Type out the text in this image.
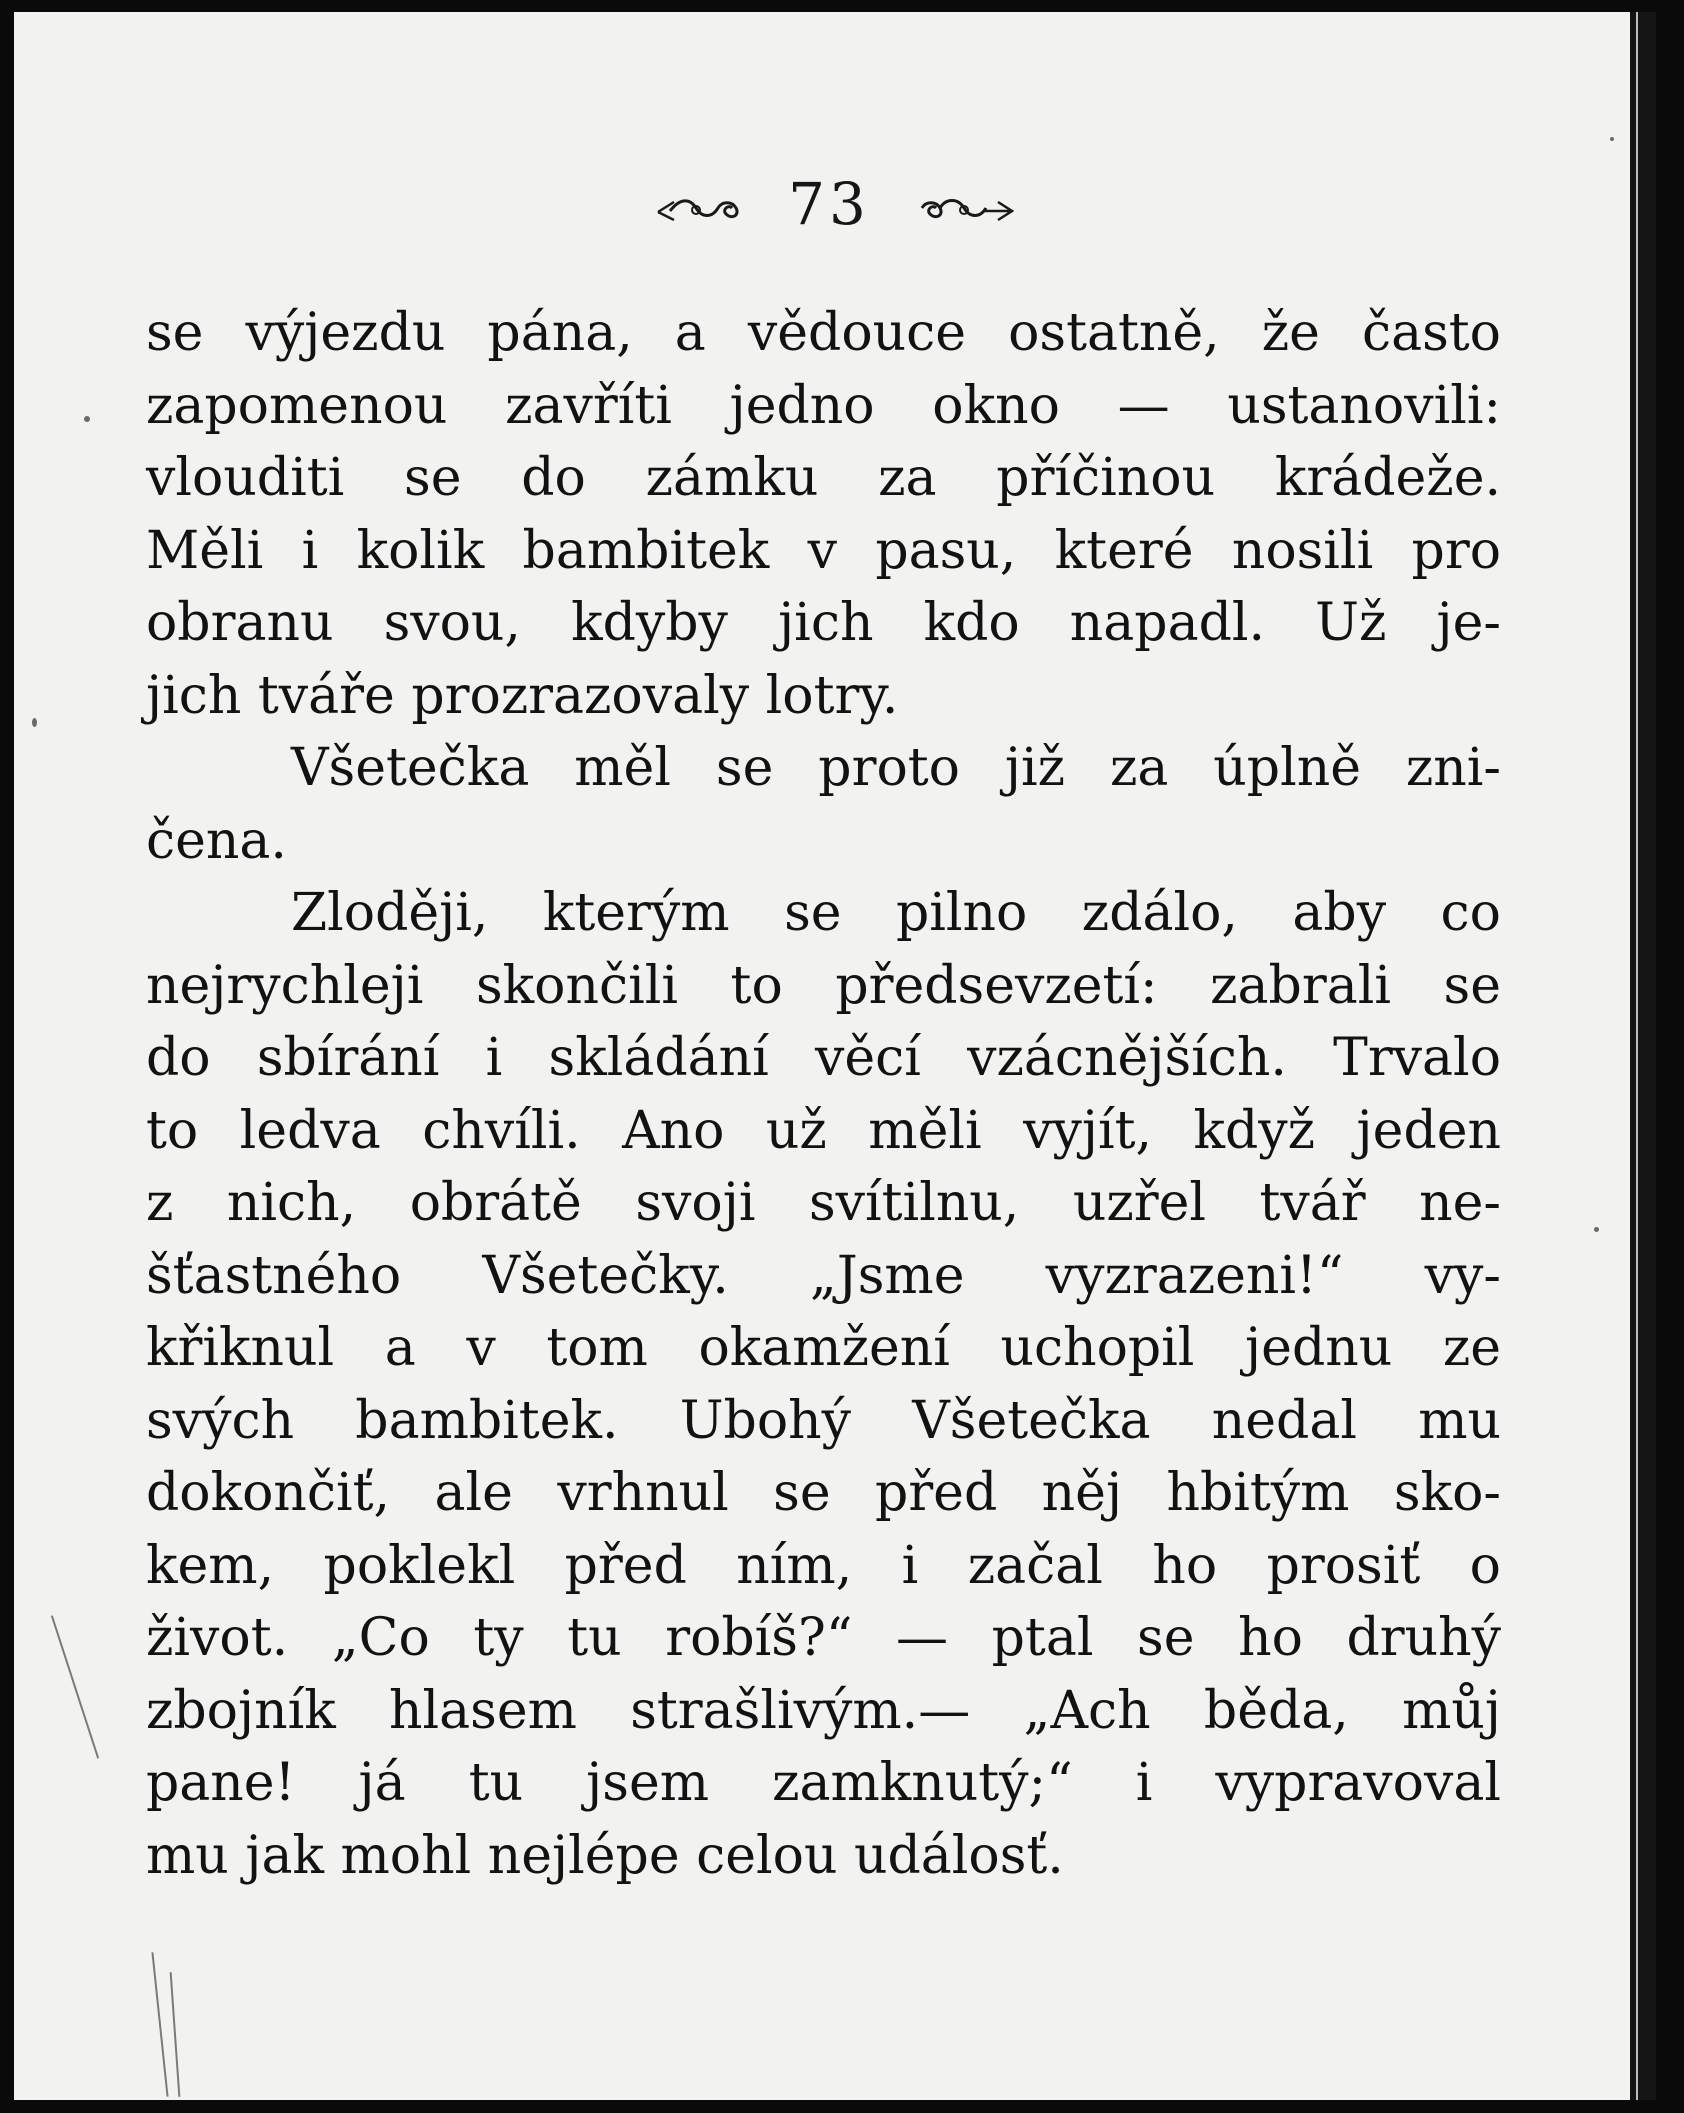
73
se výjezdu pána, a vědouce ostatně, že často
zapomenou zavříti jedno okno — ustanovili:
vlouditi se do zámku za příčinou krádeže.
Měli i kolik bambitek v pasu, které nosili pro
obranu svou, kdyby jich kdo napadl. Už je-
jich tváře prozrazovaly lotry.
Všetečka měl se proto již za úplně zni-
čena.
Zloději, kterým se pilno zdálo, aby co
nejrychleji skončili to předsevzetí: zabrali se
do sbírání i skládání věcí vzácnějších. Trvalo
to ledva chvíli. Ano už měli vyjít, když jeden
z nich, obrátě svoji svítilnu, uzřel tvář ne-
šťastného Všetečky. „Jsme vyzrazeni!“ vy-
křiknul a v tom okamžení uchopil jednu ze
svých bambitek. Ubohý Všetečka nedal mu
dokončiť, ale vrhnul se před něj hbitým sko-
kem, poklekl před ním, i začal ho prosiť o
život. „Co ty tu robíš?“ — ptal se ho druhý
zbojník hlasem strašlivým.— „Ach běda, můj
pane! já tu jsem zamknutý;“ i vypravoval
mu jak mohl nejlépe celou událosť.
